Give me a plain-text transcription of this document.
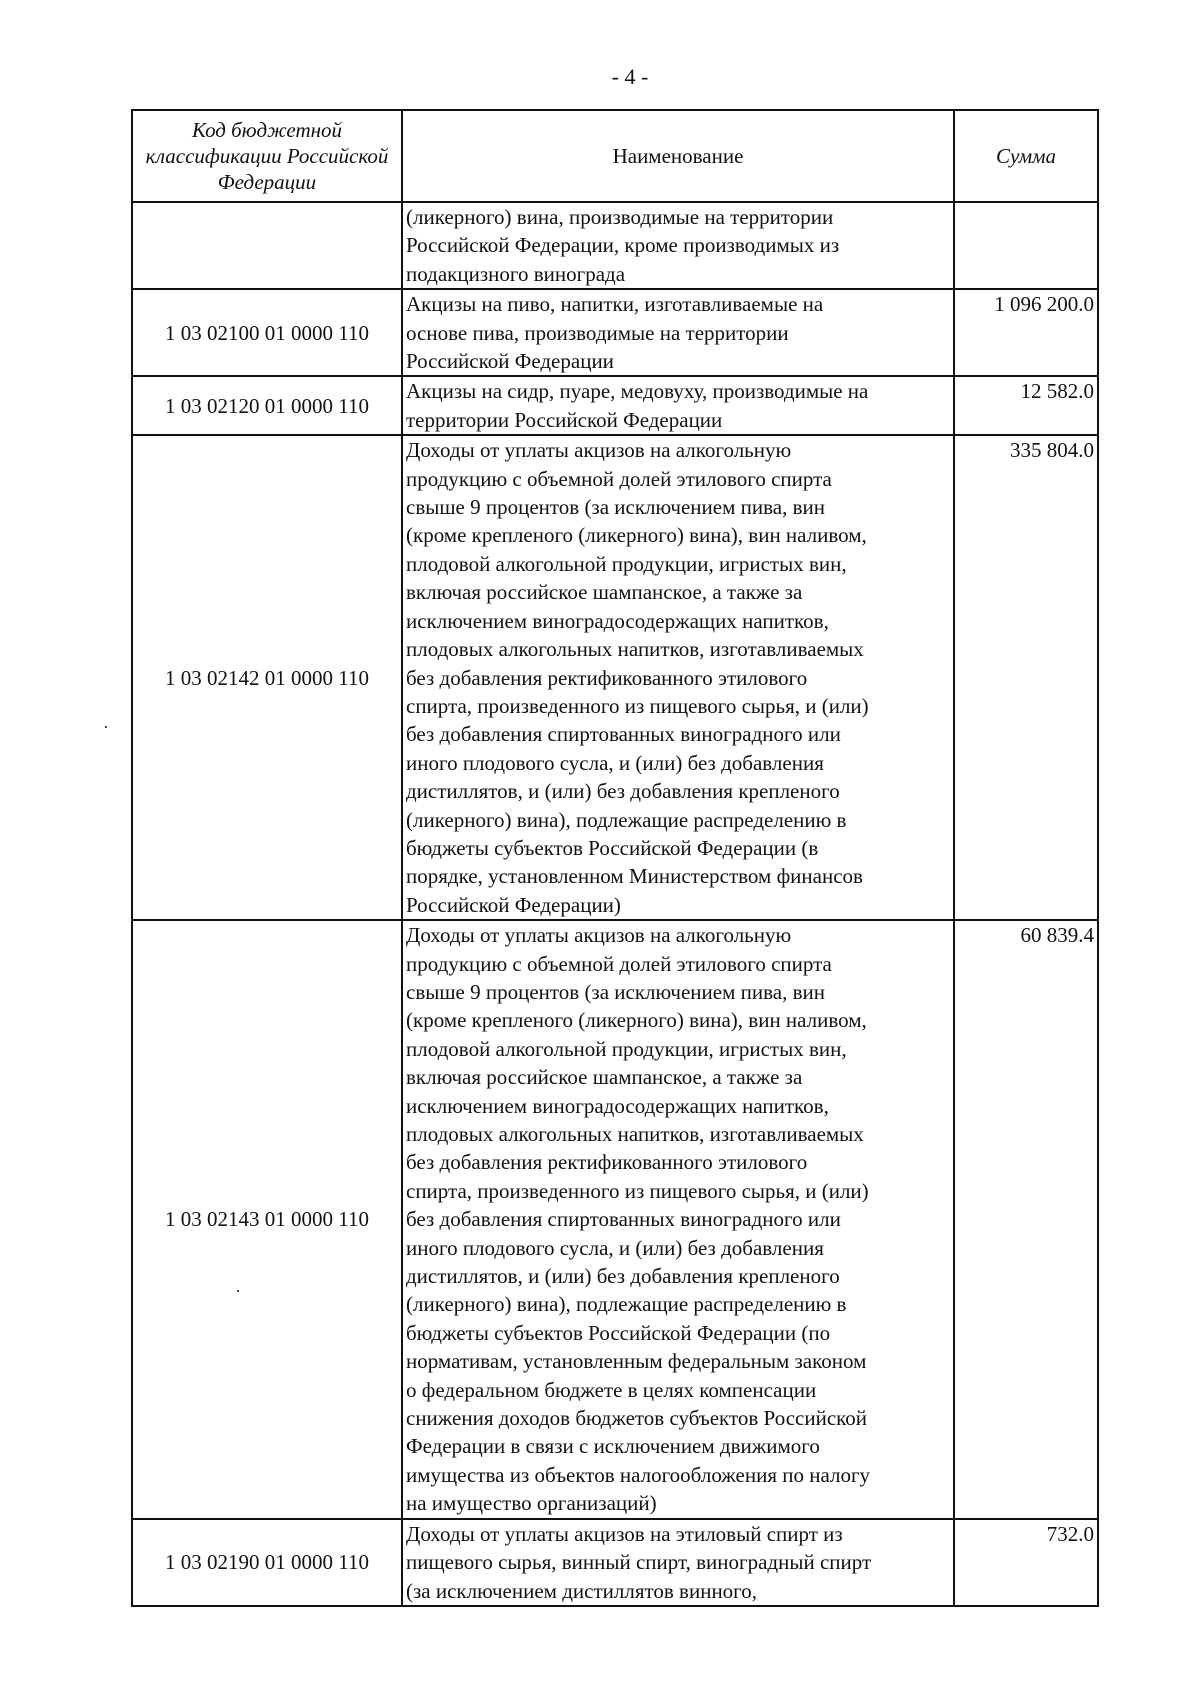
- 4 -
Код бюджетной классификации Российской Федерации
Наименование	Сумма
(ликерного) вина, производимые на территории
Российской Федерации, кроме производимых из
подакцизного винограда
1 03 02100 01 0000 110
Акцизы на пиво, напитки, изготавливаемые на
основе пива, производимые на территории
Российской Федерации
1 096 200.0
1 03 02120 01 0000 110
Акцизы на сидр, пуаре, медовуху, производимые на
территории Российской Федерации
12 582.0
1 03 02142 01 0000 110
Доходы от уплаты акцизов на алкогольную
продукцию с объемной долей этилового спирта
свыше 9 процентов (за исключением пива, вин
(кроме крепленого (ликерного) вина), вин наливом,
плодовой алкогольной продукции, игристых вин,
включая российское шампанское, а также за
исключением виноградосодержащих напитков,
плодовых алкогольных напитков, изготавливаемых
без добавления ректификованного этилового
спирта, произведенного из пищевого сырья, и (или)
без добавления спиртованных виноградного или
иного плодового сусла, и (или) без добавления
дистиллятов, и (или) без добавления крепленого
(ликерного) вина), подлежащие распределению в
бюджеты субъектов Российской Федерации (в
порядке, установленном Министерством финансов
Российской Федерации)
335 804.0
1 03 02143 01 0000 110
Доходы от уплаты акцизов на алкогольную
продукцию с объемной долей этилового спирта
свыше 9 процентов (за исключением пива, вин
(кроме крепленого (ликерного) вина), вин наливом,
плодовой алкогольной продукции, игристых вин,
включая российское шампанское, а также за
исключением виноградосодержащих напитков,
плодовых алкогольных напитков, изготавливаемых
без добавления ректификованного этилового
спирта, произведенного из пищевого сырья, и (или)
без добавления спиртованных виноградного или
иного плодового сусла, и (или) без добавления
дистиллятов, и (или) без добавления крепленого
(ликерного) вина), подлежащие распределению в
бюджеты субъектов Российской Федерации (по
нормативам, установленным федеральным законом
о федеральном бюджете в целях компенсации
снижения доходов бюджетов субъектов Российской
Федерации в связи с исключением движимого
имущества из объектов налогообложения по налогу
на имущество организаций)
60 839.4
1 03 02190 01 0000 110
Доходы от уплаты акцизов на этиловый спирт из
пищевого сырья, винный спирт, виноградный спирт
(за исключением дистиллятов винного,
732.0
